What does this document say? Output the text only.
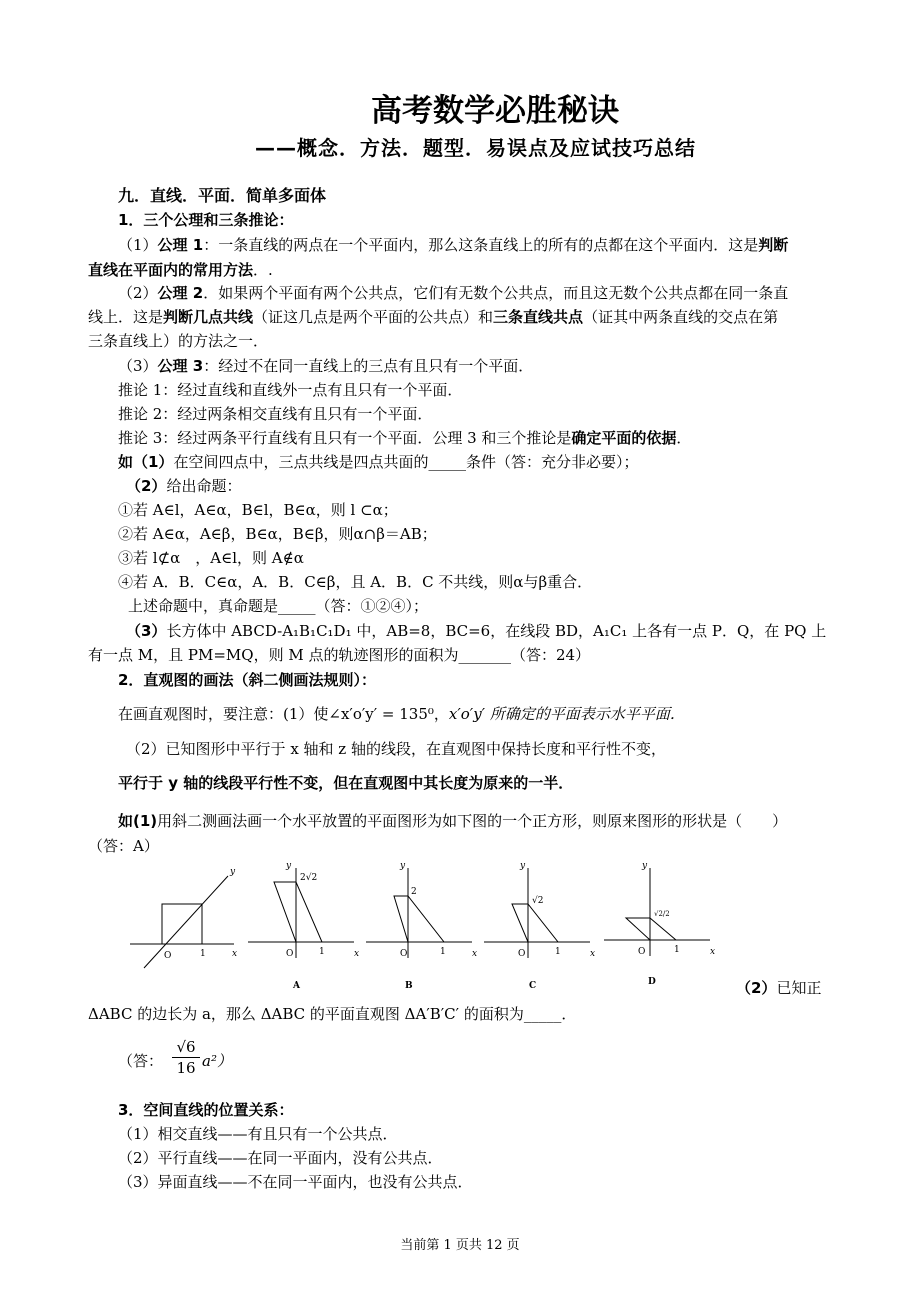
高考数学必胜秘诀
——概念．方法．题型．易误点及应试技巧总结
九．直线．平面．简单多面体
1．三个公理和三条推论：
（1）公理 1：一条直线的两点在一个平面内，那么这条直线上的所有的点都在这个平面内．这是判断
直线在平面内的常用方法．.
（2）公理 2．如果两个平面有两个公共点，它们有无数个公共点，而且这无数个公共点都在同一条直
线上．这是判断几点共线（证这几点是两个平面的公共点）和三条直线共点（证其中两条直线的交点在第
三条直线上）的方法之一．
（3）公理 3：经过不在同一直线上的三点有且只有一个平面．
推论 1：经过直线和直线外一点有且只有一个平面．
推论 2：经过两条相交直线有且只有一个平面．
推论 3：经过两条平行直线有且只有一个平面．公理 3 和三个推论是确定平面的依据．
如（1）在空间四点中，三点共线是四点共面的_____条件（答：充分非必要）；
（2）给出命题：
①若 A∈l，A∈α，B∈l，B∈α，则 l ⊂α；
②若 A∈α，A∈β，B∈α，B∈β，则α∩β＝AB；
③若 l⊄α　，A∈l，则 A∉α
④若 A．B．C∈α，A．B．C∈β，且 A．B．C 不共线，则α与β重合．
上述命题中，真命题是_____（答：①②④）；
（3）长方体中 ABCD-A₁B₁C₁D₁ 中，AB=8，BC=6，在线段 BD，A₁C₁ 上各有一点 P．Q，在 PQ 上
有一点 M，且 PM=MQ，则 M 点的轨迹图形的面积为_______（答：24）
2．直观图的画法（斜二侧画法规则）：
在画直观图时，要注意：(1）使∠x′o′y′ = 135⁰，x′o′y′ 所确定的平面表示水平平面．
（2）已知图形中平行于 x 轴和 z 轴的线段，在直观图中保持长度和平行性不变，
平行于 y 轴的线段平行性不变，但在直观图中其长度为原来的一半．
如(1)用斜二测画法画一个水平放置的平面图形为如下图的一个正方形，则原来图形的形状是（　　）
（答：A）
y
x
O	1
y
2√2
x
O	1
A
y
2
x
O	1
B
y
√2
x
O	1
C
y
√2/2
x
O	1
D	（2）已知正
ΔABC 的边长为 a，那么 ΔABC 的平面直观图 ΔA′B′C′ 的面积为_____．
（答： $\frac{√6}{16} a^2$）
3．空间直线的位置关系：
（1）相交直线——有且只有一个公共点．
（2）平行直线——在同一平面内，没有公共点．
（3）异面直线——不在同一平面内，也没有公共点．
当前第 1 页共 12 页
